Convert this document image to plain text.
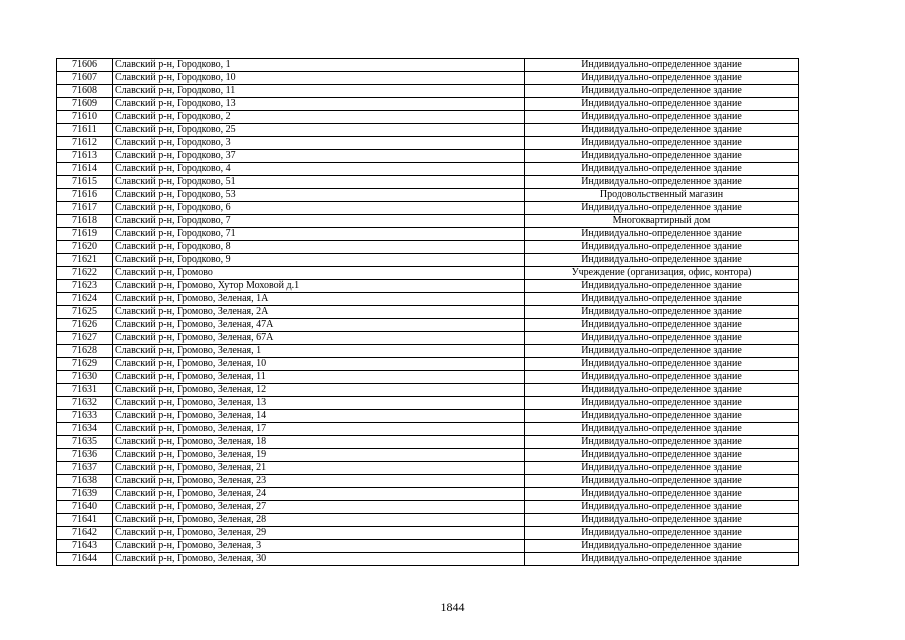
71606	Славский р-н, Городково, 1	Индивидуально-определенное здание
71607	Славский р-н, Городково, 10	Индивидуально-определенное здание
71608	Славский р-н, Городково, 11	Индивидуально-определенное здание
71609	Славский р-н, Городково, 13	Индивидуально-определенное здание
71610	Славский р-н, Городково, 2	Индивидуально-определенное здание
71611	Славский р-н, Городково, 25	Индивидуально-определенное здание
71612	Славский р-н, Городково, 3	Индивидуально-определенное здание
71613	Славский р-н, Городково, 37	Индивидуально-определенное здание
71614	Славский р-н, Городково, 4	Индивидуально-определенное здание
71615	Славский р-н, Городково, 51	Индивидуально-определенное здание
71616	Славский р-н, Городково, 53	Продовольственный магазин
71617	Славский р-н, Городково, 6	Индивидуально-определенное здание
71618	Славский р-н, Городково, 7	Многоквартирный дом
71619	Славский р-н, Городково, 71	Индивидуально-определенное здание
71620	Славский р-н, Городково, 8	Индивидуально-определенное здание
71621	Славский р-н, Городково, 9	Индивидуально-определенное здание
71622	Славский р-н, Громово	Учреждение (организация, офис, контора)
71623	Славский р-н, Громово, Хутор Моховой д.1	Индивидуально-определенное здание
71624	Славский р-н, Громово, Зеленая, 1А	Индивидуально-определенное здание
71625	Славский р-н, Громово, Зеленая, 2А	Индивидуально-определенное здание
71626	Славский р-н, Громово, Зеленая, 47А	Индивидуально-определенное здание
71627	Славский р-н, Громово, Зеленая, 67А	Индивидуально-определенное здание
71628	Славский р-н, Громово, Зеленая, 1	Индивидуально-определенное здание
71629	Славский р-н, Громово, Зеленая, 10	Индивидуально-определенное здание
71630	Славский р-н, Громово, Зеленая, 11	Индивидуально-определенное здание
71631	Славский р-н, Громово, Зеленая, 12	Индивидуально-определенное здание
71632	Славский р-н, Громово, Зеленая, 13	Индивидуально-определенное здание
71633	Славский р-н, Громово, Зеленая, 14	Индивидуально-определенное здание
71634	Славский р-н, Громово, Зеленая, 17	Индивидуально-определенное здание
71635	Славский р-н, Громово, Зеленая, 18	Индивидуально-определенное здание
71636	Славский р-н, Громово, Зеленая, 19	Индивидуально-определенное здание
71637	Славский р-н, Громово, Зеленая, 21	Индивидуально-определенное здание
71638	Славский р-н, Громово, Зеленая, 23	Индивидуально-определенное здание
71639	Славский р-н, Громово, Зеленая, 24	Индивидуально-определенное здание
71640	Славский р-н, Громово, Зеленая, 27	Индивидуально-определенное здание
71641	Славский р-н, Громово, Зеленая, 28	Индивидуально-определенное здание
71642	Славский р-н, Громово, Зеленая, 29	Индивидуально-определенное здание
71643	Славский р-н, Громово, Зеленая, 3	Индивидуально-определенное здание
71644	Славский р-н, Громово, Зеленая, 30	Индивидуально-определенное здание
1844
